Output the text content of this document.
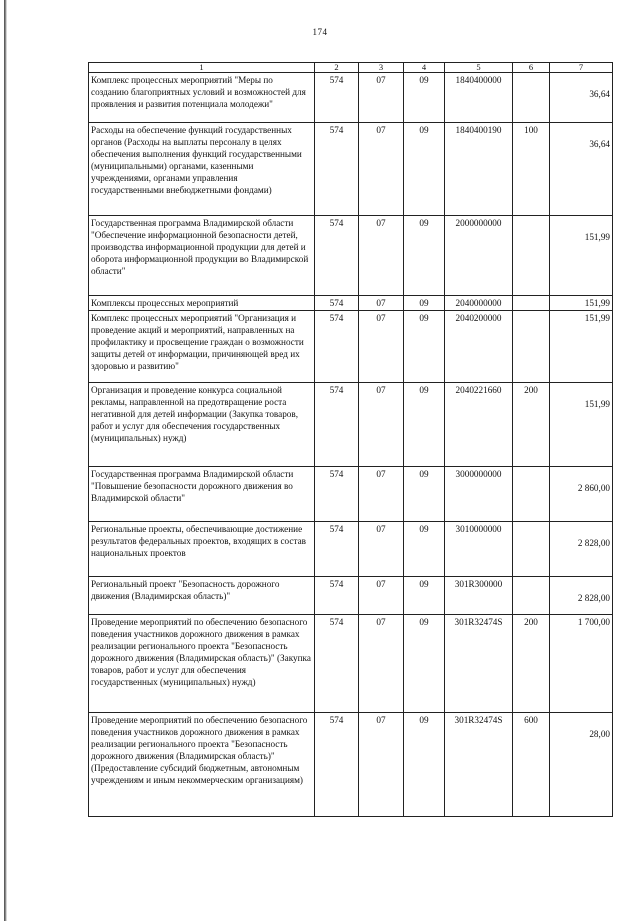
174
1	2	3	4	5	6	7
Комплекс процессных мероприятий "Меры по созданию благоприятных условий и возможностей для проявления и развития потенциала молодежи"	574	07	09	1840400000		36,64
Расходы на обеспечение функций государственных органов (Расходы на выплаты персоналу в целях обеспечения выполнения функций государственными (муниципальными) органами, казенными учреждениями, органами управления государственными внебюджетными фондами)	574	07	09	1840400190	100	36,64
Государственная программа Владимирской области "Обеспечение информационной безопасности детей, производства информационной продукции для детей и оборота информационной продукции во Владимирской области"	574	07	09	2000000000		151,99
Комплексы процессных мероприятий	574	07	09	2040000000		151,99
Комплекс процессных мероприятий "Организация и проведение акций и мероприятий, направленных на профилактику и просвещение граждан о возможности защиты детей от информации, причиняющей вред их здоровью и развитию"	574	07	09	2040200000		151,99
Организация и проведение конкурса социальной рекламы, направленной на предотвращение роста негативной для детей информации (Закупка товаров, работ и услуг для обеспечения государственных (муниципальных) нужд)	574	07	09	2040221660	200	151,99
Государственная программа Владимирской области "Повышение безопасности дорожного движения во Владимирской области"	574	07	09	3000000000		2 860,00
Региональные проекты, обеспечивающие достижение результатов федеральных проектов, входящих в состав национальных проектов	574	07	09	3010000000		2 828,00
Региональный проект "Безопасность дорожного движения (Владимирская область)"	574	07	09	301R300000		2 828,00
Проведение мероприятий по обеспечению безопасного поведения участников дорожного движения в рамках реализации регионального проекта "Безопасность дорожного движения (Владимирская область)" (Закупка товаров, работ и услуг для обеспечения государственных (муниципальных) нужд)	574	07	09	301R32474S	200	1 700,00
Проведение мероприятий по обеспечению безопасного поведения участников дорожного движения в рамках реализации регионального проекта "Безопасность дорожного движения (Владимирская область)" (Предоставление субсидий бюджетным, автономным учреждениям и иным некоммерческим организациям)	574	07	09	301R32474S	600	28,00
